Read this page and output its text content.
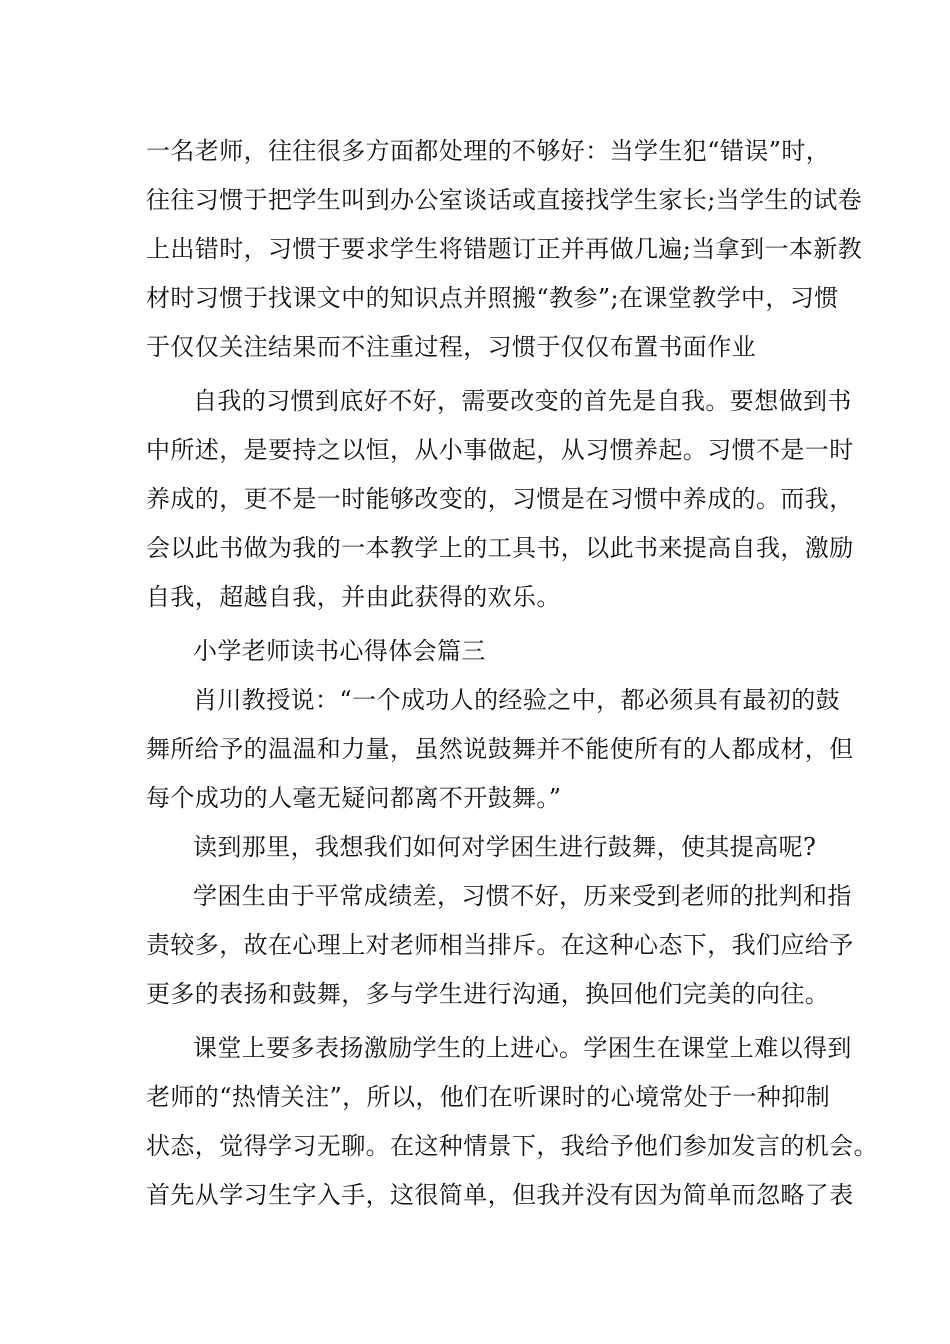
一名老师，往往很多方面都处理的不够好：当学生犯“错误”时，
往往习惯于把学生叫到办公室谈话或直接找学生家长;当学生的试卷
上出错时，习惯于要求学生将错题订正并再做几遍;当拿到一本新教
材时习惯于找课文中的知识点并照搬“教参”;在课堂教学中，习惯
于仅仅关注结果而不注重过程，习惯于仅仅布置书面作业
自我的习惯到底好不好，需要改变的首先是自我。要想做到书
中所述，是要持之以恒，从小事做起，从习惯养起。习惯不是一时
养成的，更不是一时能够改变的，习惯是在习惯中养成的。而我，
会以此书做为我的一本教学上的工具书，以此书来提高自我，激励
自我，超越自我，并由此获得的欢乐。
小学老师读书心得体会篇三
肖川教授说：“一个成功人的经验之中，都必须具有最初的鼓
舞所给予的温温和力量，虽然说鼓舞并不能使所有的人都成材，但
每个成功的人毫无疑问都离不开鼓舞。”
读到那里，我想我们如何对学困生进行鼓舞，使其提高呢?
学困生由于平常成绩差，习惯不好，历来受到老师的批判和指
责较多，故在心理上对老师相当排斥。在这种心态下，我们应给予
更多的表扬和鼓舞，多与学生进行沟通，换回他们完美的向往。
课堂上要多表扬激励学生的上进心。学困生在课堂上难以得到
老师的“热情关注”，所以，他们在听课时的心境常处于一种抑制
状态，觉得学习无聊。在这种情景下，我给予他们参加发言的机会。
首先从学习生字入手，这很简单，但我并没有因为简单而忽略了表
